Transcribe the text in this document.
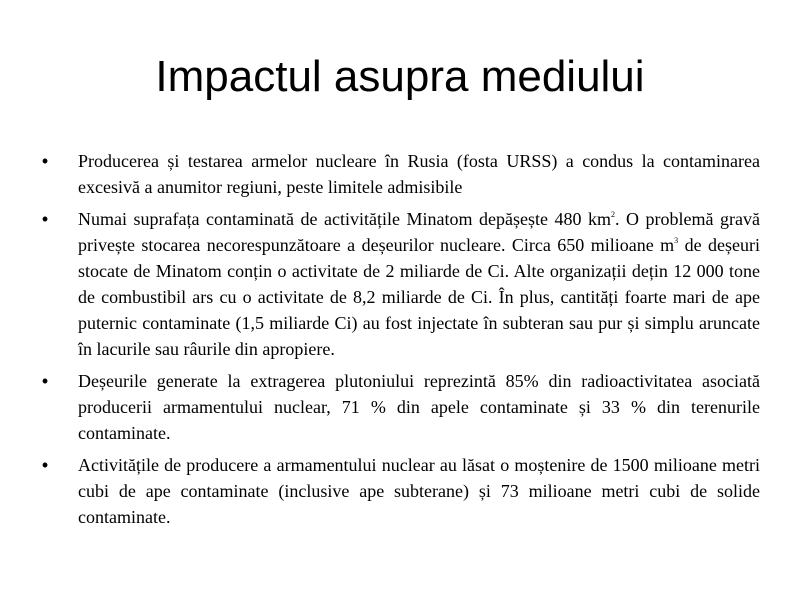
Impactul asupra mediului
•
Producerea și testarea armelor nucleare în Rusia (fosta URSS) a condus la contaminarea excesivă a anumitor regiuni, peste limitele admisibile
•
Numai suprafața contaminată de activitățile Minatom depășește 480 $km^2$. O problemă gravă privește stocarea necorespunzătoare a deșeurilor nucleare. Circa 650 milioane $m^3$ de deșeuri stocate de Minatom conțin o activitate de 2 miliarde de Ci. Alte organizații dețin 12 000 tone de combustibil ars cu o activitate de 8,2 miliarde de Ci. În plus, cantități foarte mari de ape puternic contaminate (1,5 miliarde Ci) au fost injectate în subteran sau pur și simplu aruncate în lacurile sau râurile din apropiere.
•
Deșeurile generate la extragerea plutoniului reprezintă 85% din radioactivitatea asociată producerii armamentului nuclear, 71 % din apele contaminate și 33 % din terenurile contaminate.
•
Activitățile de producere a armamentului nuclear au lăsat o moștenire de 1500 milioane metri cubi de ape contaminate (inclusive ape subterane) și 73 milioane metri cubi de solide contaminate.
